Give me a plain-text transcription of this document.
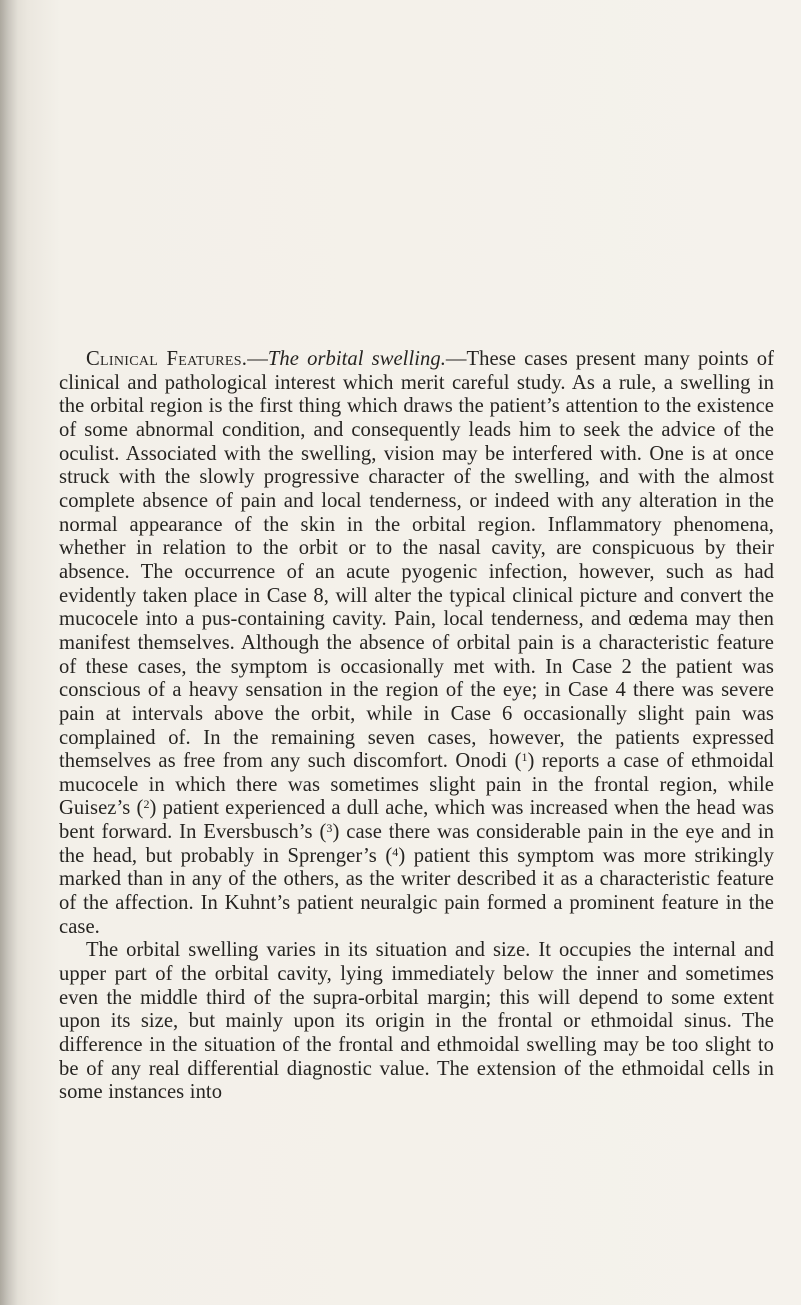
Clinical Features.—The orbital swelling.—These cases present many points of clinical and pathological interest which merit careful study. As a rule, a swelling in the orbital region is the first thing which draws the patient’s attention to the existence of some abnormal condition, and consequently leads him to seek the advice of the oculist. Associated with the swelling, vision may be interfered with. One is at once struck with the slowly progressive character of the swelling, and with the almost complete absence of pain and local tenderness, or indeed with any alteration in the normal appearance of the skin in the orbital region. Inflammatory phenomena, whether in relation to the orbit or to the nasal cavity, are conspicuous by their absence. The occurrence of an acute pyogenic infection, however, such as had evidently taken place in Case 8, will alter the typical clinical picture and convert the mucocele into a pus-containing cavity. Pain, local tenderness, and œdema may then manifest themselves. Although the absence of orbital pain is a characteristic feature of these cases, the symptom is occasionally met with. In Case 2 the patient was conscious of a heavy sensation in the region of the eye; in Case 4 there was severe pain at intervals above the orbit, while in Case 6 occasionally slight pain was complained of. In the remaining seven cases, however, the patients expressed themselves as free from any such discomfort. Onodi ($^1$) reports a case of ethmoidal mucocele in which there was sometimes slight pain in the frontal region, while Guisez’s ($^2$) patient experienced a dull ache, which was increased when the head was bent forward. In Eversbusch’s ($^3$) case there was considerable pain in the eye and in the head, but probably in Sprenger’s ($^4$) patient this symptom was more strikingly marked than in any of the others, as the writer described it as a characteristic feature of the affection. In Kuhnt’s patient neuralgic pain formed a prominent feature in the case.

The orbital swelling varies in its situation and size. It occupies the internal and upper part of the orbital cavity, lying immediately below the inner and sometimes even the middle third of the supra-orbital margin; this will depend to some extent upon its size, but mainly upon its origin in the frontal or ethmoidal sinus. The difference in the situation of the frontal and ethmoidal swelling may be too slight to be of any real differential diagnostic value. The extension of the ethmoidal cells in some instances into
